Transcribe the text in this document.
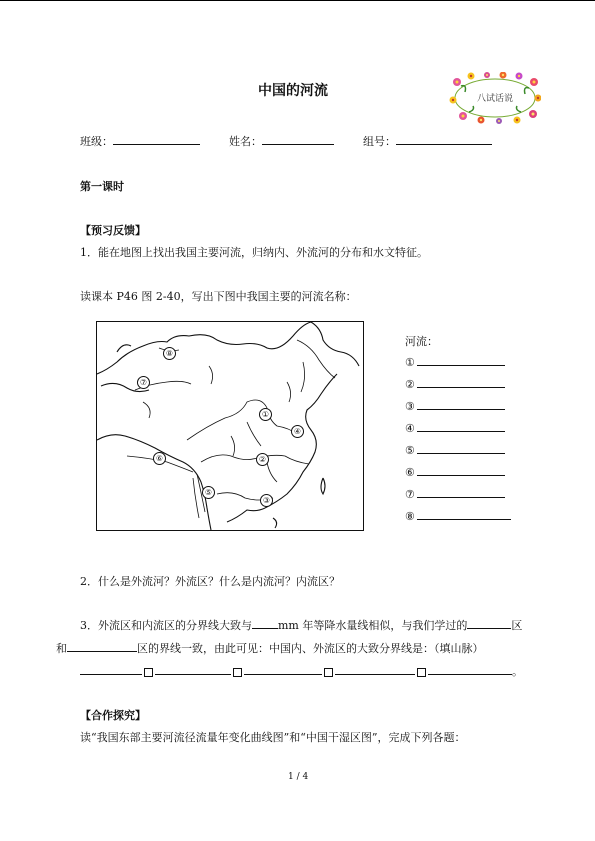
中国的河流	八试话说
班级：	姓名：	组号：
第一课时
【预习反馈】
1．能在地图上找出我国主要河流，归纳内、外流河的分布和水文特征。
读课本 P46 图 2-40，写出下图中我国主要的河流名称：
⑧
⑦
①
④
②
⑥
⑤
③
河流：
①
②
③
④
⑤
⑥
⑦
⑧
2．什么是外流河？外流区？什么是内流河？内流区？
3．外流区和内流区的分界线大致与 mm 年等降水量线相似，与我们学过的	区
和	区的界线一致，由此可见：中国内、外流区的大致分界线是：（填山脉）
。
【合作探究】
读“我国东部主要河流径流量年变化曲线图”和“中国干湿区图”，完成下列各题：
1 / 4
